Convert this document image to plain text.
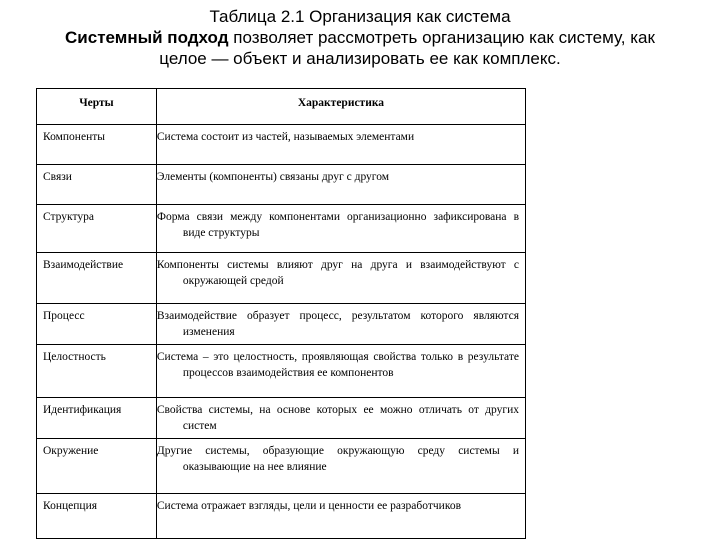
Таблица 2.1 Организация как система
Системный подход позволяет рассмотреть организацию как систему, как
целое — объект и анализировать ее как комплекс.
Черты	Характеристика
Компоненты	Система состоит из частей, называемых элементами
Связи	Элементы (компоненты) связаны друг с другом
Структура	Форма связи между компонентами организационно зафиксирована в виде структуры
Взаимодействие	Компоненты системы влияют друг на друга и взаимодействуют с окружающей средой
Процесс	Взаимодействие образует процесс, результатом которого являются изменения
Целостность	Система – это целостность, проявляющая свойства только в результате процессов взаимодействия ее компонентов
Идентификация	Свойства системы, на основе которых ее можно отличать от других систем
Окружение	Другие системы, образующие окружающую среду системы и оказывающие на нее влияние
Концепция	Система отражает взгляды, цели и ценности ее разработчиков
